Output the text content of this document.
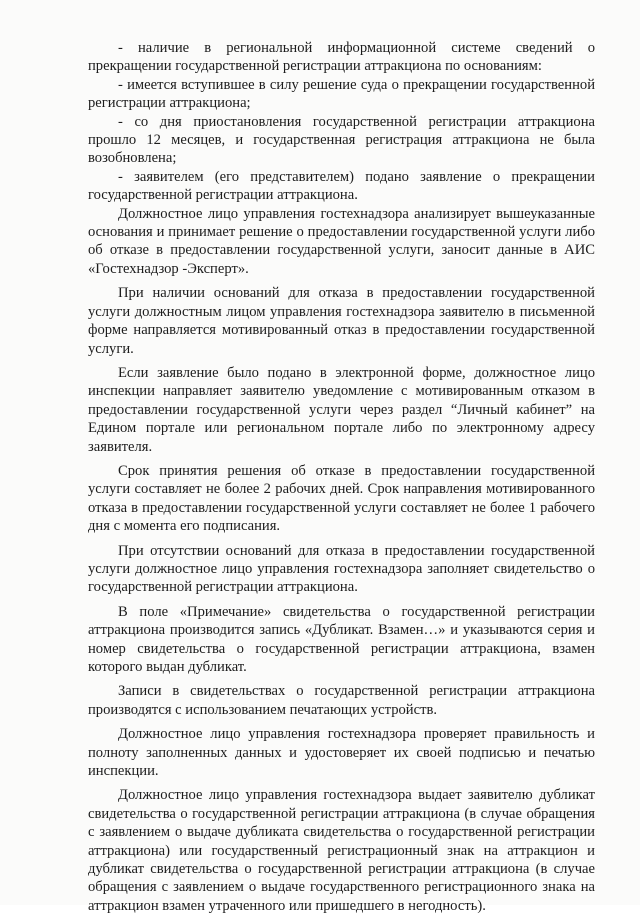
- наличие в региональной информационной системе сведений о прекращении государственной регистрации аттракциона по основаниям:

- имеется вступившее в силу решение суда о прекращении государственной регистрации аттракциона;

- со дня приостановления государственной регистрации аттракциона прошло 12 месяцев, и государственная регистрация аттракциона не была возобновлена;

- заявителем (его представителем) подано заявление о прекращении государственной регистрации аттракциона.

Должностное лицо управления гостехнадзора анализирует вышеуказанные основания и принимает решение о предоставлении государственной услуги либо об отказе в предоставлении государственной услуги, заносит данные в АИС «Гостехнадзор -Эксперт».

При наличии оснований для отказа в предоставлении государственной услуги должностным лицом управления гостехнадзора заявителю в письменной форме направляется мотивированный отказ в предоставлении государственной услуги.

Если заявление было подано в электронной форме, должностное лицо инспекции направляет заявителю уведомление с мотивированным отказом в предоставлении государственной услуги через раздел “Личный кабинет” на Едином портале или региональном портале либо по электронному адресу заявителя.

Срок принятия решения об отказе в предоставлении государственной услуги составляет не более 2 рабочих дней. Срок направления мотивированного отказа в предоставлении государственной услуги составляет не более 1 рабочего дня с момента его подписания.

При отсутствии оснований для отказа в предоставлении государственной услуги должностное лицо управления гостехнадзора заполняет свидетельство о государственной регистрации аттракциона.

В поле «Примечание» свидетельства о государственной регистрации аттракциона производится запись «Дубликат. Взамен…» и указываются серия и номер свидетельства о государственной регистрации аттракциона, взамен которого выдан дубликат.

Записи в свидетельствах о государственной регистрации аттракциона производятся с использованием печатающих устройств.

Должностное лицо управления гостехнадзора проверяет правильность и полноту заполненных данных и удостоверяет их своей подписью и печатью инспекции.

Должностное лицо управления гостехнадзора выдает заявителю дубликат свидетельства о государственной регистрации аттракциона (в случае обращения с заявлением о выдаче дубликата свидетельства о государственной регистрации аттракциона) или государственный регистрационный знак на аттракцион и дубликат свидетельства о государственной регистрации аттракциона (в случае обращения с заявлением о выдаче государственного регистрационного знака на аттракцион взамен утраченного или пришедшего в негодность).
